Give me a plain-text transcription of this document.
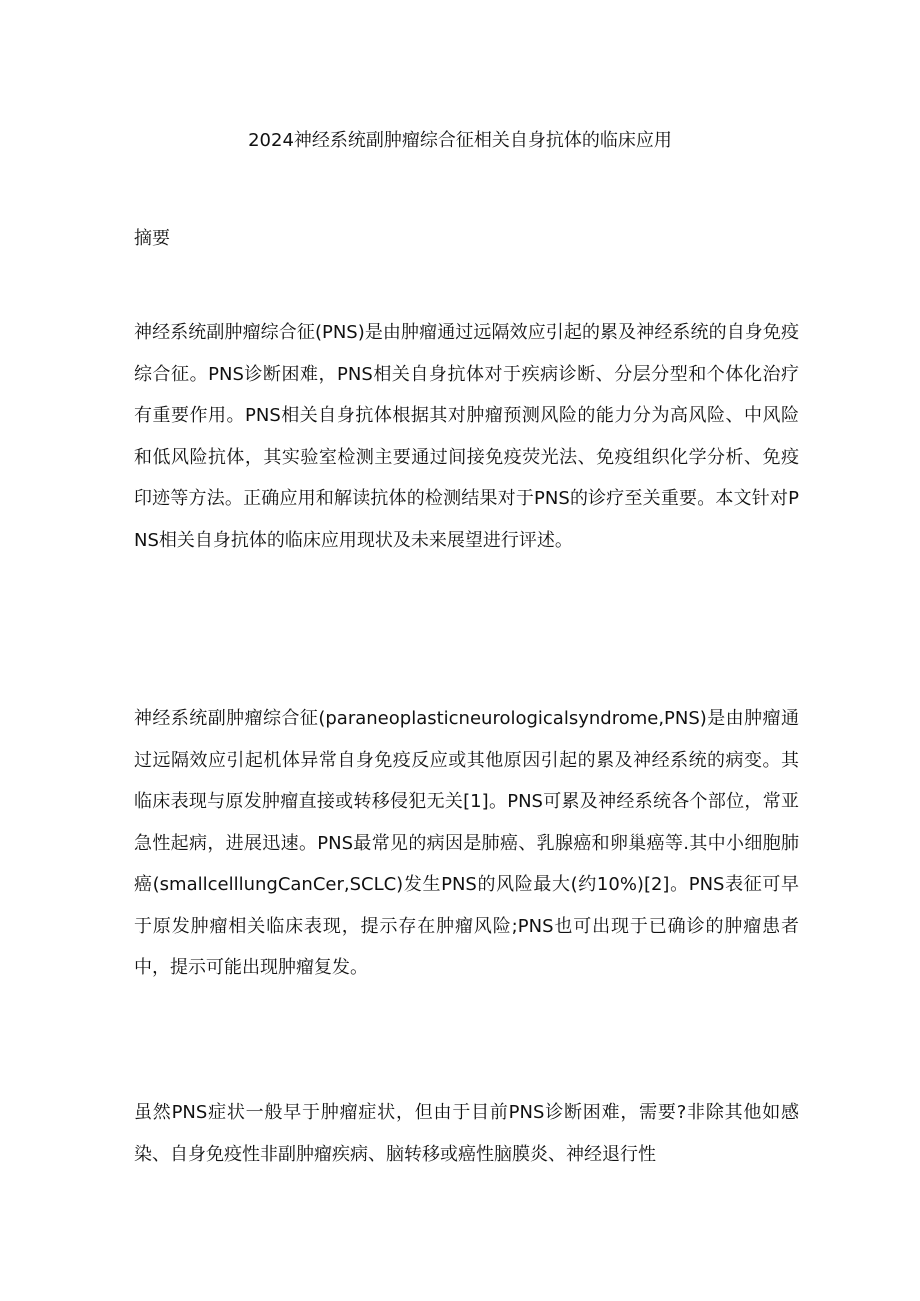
2024神经系统副肿瘤综合征相关自身抗体的临床应用
摘要

神经系统副肿瘤综合征(PNS)是由肿瘤通过远隔效应引起的累及神经系统的自身免疫综合征。PNS诊断困难，PNS相关自身抗体对于疾病诊断、分层分型和个体化治疗有重要作用。PNS相关自身抗体根据其对肿瘤预测风险的能力分为高风险、中风险和低风险抗体，其实验室检测主要通过间接免疫荧光法、免疫组织化学分析、免疫印迹等方法。正确应用和解读抗体的检测结果对于PNS的诊疗至关重要。本文针对PNS相关自身抗体的临床应用现状及未来展望进行评述。

神经系统副肿瘤综合征(paraneoplasticneurologicalsyndrome,PNS)是由肿瘤通过远隔效应引起机体异常自身免疫反应或其他原因引起的累及神经系统的病变。其临床表现与原发肿瘤直接或转移侵犯无关[1]。PNS可累及神经系统各个部位，常亚急性起病，进展迅速。PNS最常见的病因是肺癌、乳腺癌和卵巢癌等.其中小细胞肺癌(smallcelllungCanCer,SCLC)发生PNS的风险最大(约10%)[2]。PNS表征可早于原发肿瘤相关临床表现，提示存在肿瘤风险;PNS也可出现于已确诊的肿瘤患者中，提示可能出现肿瘤复发。

虽然PNS症状一般早于肿瘤症状，但由于目前PNS诊断困难，需要?非除其他如感染、自身免疫性非副肿瘤疾病、脑转移或癌性脑膜炎、神经退行性
